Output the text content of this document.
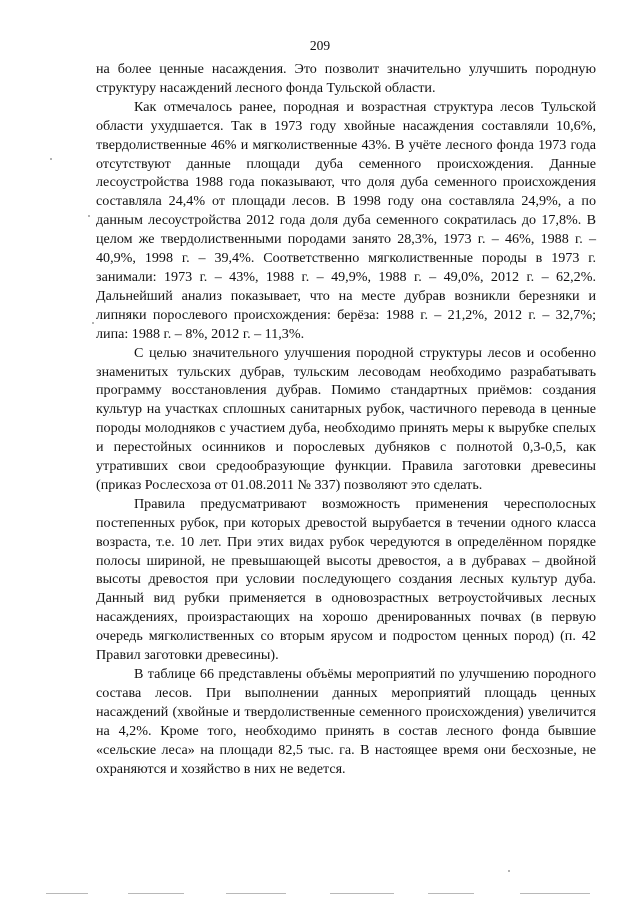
209

на более ценные насаждения. Это позволит значительно улучшить породную структуру насаждений лесного фонда Тульской области.

Как отмечалось ранее, породная и возрастная структура лесов Тульской области ухудшается. Так в 1973 году хвойные насаждения составляли 10,6%, твердолиственные 46% и мягколиственные 43%. В учёте лесного фонда 1973 года отсутствуют данные площади дуба семенного происхождения. Данные лесоустройства 1988 года показывают, что доля дуба семенного происхождения составляла 24,4% от площади лесов. В 1998 году она составляла 24,9%, а по данным лесоустройства 2012 года доля дуба семенного сократилась до 17,8%. В целом же твердолиственными породами занято 28,3%, 1973 г. – 46%, 1988 г. – 40,9%, 1998 г. – 39,4%. Соответственно мягколиственные породы в 1973 г. занимали: 1973 г. – 43%, 1988 г. – 49,9%, 1988 г. – 49,0%, 2012 г. – 62,2%. Дальнейший анализ показывает, что на месте дубрав возникли березняки и липняки порослевого происхождения: берёза: 1988 г. – 21,2%, 2012 г. – 32,7%; липа: 1988 г. – 8%, 2012 г. – 11,3%.

С целью значительного улучшения породной структуры лесов и особенно знаменитых тульских дубрав, тульским лесоводам необходимо разрабатывать программу восстановления дубрав. Помимо стандартных приёмов: создания культур на участках сплошных санитарных рубок, частичного перевода в ценные породы молодняков с участием дуба, необходимо принять меры к вырубке спелых и перестойных осинников и порослевых дубняков с полнотой 0,3-0,5, как утративших свои средообразующие функции. Правила заготовки древесины (приказ Рослесхоза от 01.08.2011 № 337) позволяют это сделать.

Правила предусматривают возможность применения чересполосных постепенных рубок, при которых древостой вырубается в течении одного класса возраста, т.е. 10 лет. При этих видах рубок чередуются в определённом порядке полосы шириной, не превышающей высоты древостоя, а в дубравах – двойной высоты древостоя при условии последующего создания лесных культур дуба. Данный вид рубки применяется в одновозрастных ветроустойчивых лесных насаждениях, произрастающих на хорошо дренированных почвах (в первую очередь мягколиственных со вторым ярусом и подростом ценных пород) (п. 42 Правил заготовки древесины).

В таблице 66 представлены объёмы мероприятий по улучшению породного состава лесов. При выполнении данных мероприятий площадь ценных насаждений (хвойные и твердолиственные семенного происхождения) увеличится на 4,2%. Кроме того, необходимо принять в состав лесного фонда бывшие «сельские леса» на площади 82,5 тыс. га. В настоящее время они бесхозные, не охраняются и хозяйство в них не ведется.
